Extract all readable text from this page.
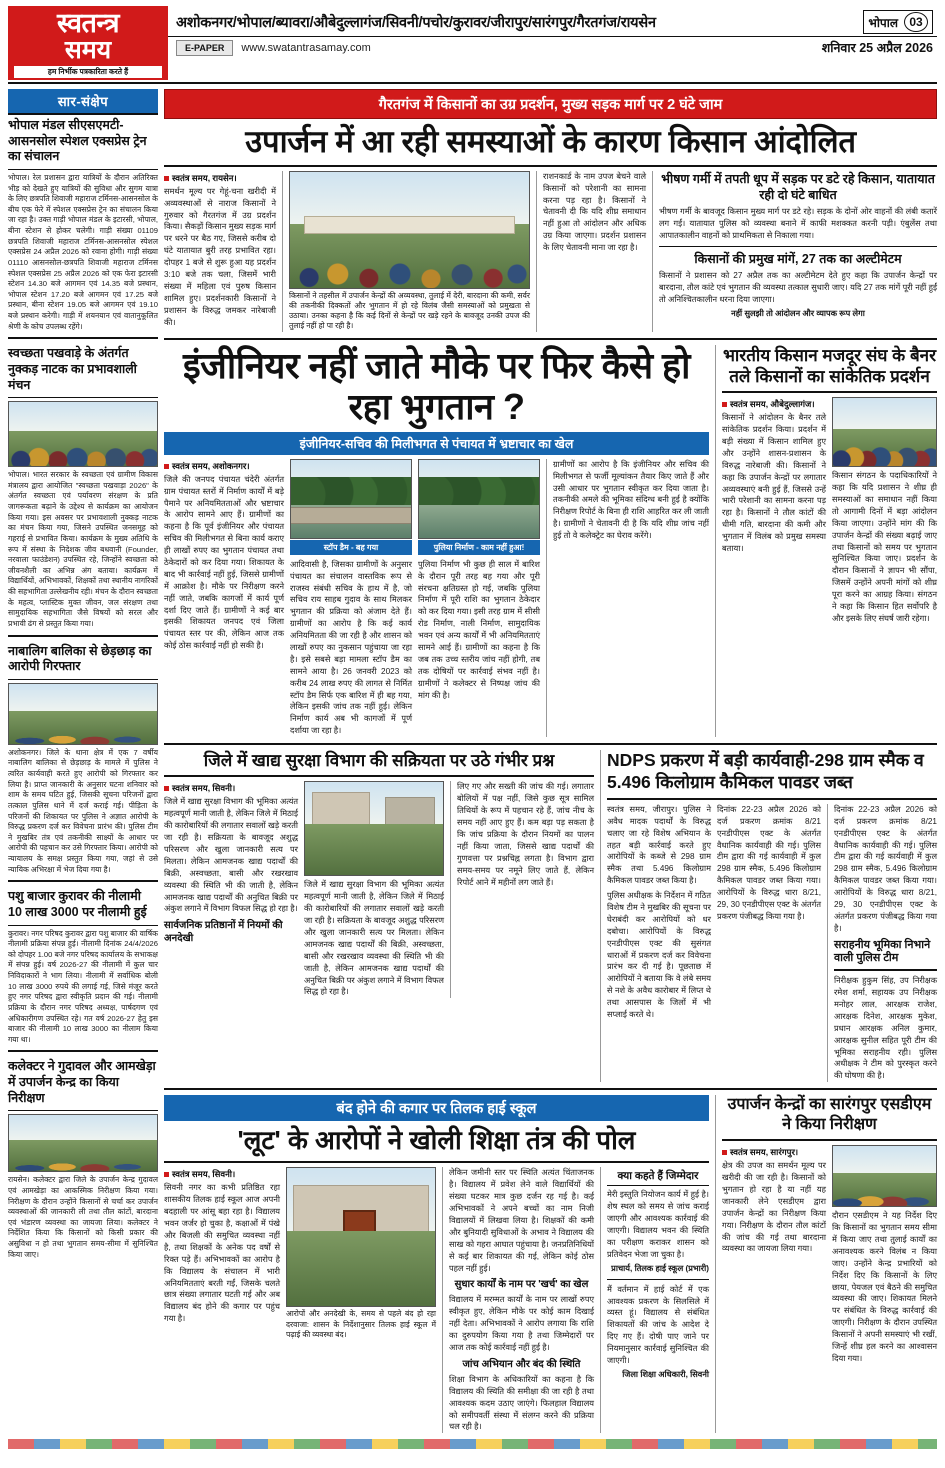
स्वतन्त्र
समय
हम निर्भीक पत्रकारिता करते हैं
अशोकनगर/भोपाल/ब्यावरा/औबेदुल्लागंज/सिवनी/पचोर/कुरावर/जीरापुर/सारंगपुर/गैरतगंज/रायसेन	भोपाल 03
E-PAPER	www.swatantrasamay.com	शनिवार 25 अप्रैल 2026
सार-संक्षेप
भोपाल मंडल सीएसएमटी-आसनसोल स्पेशल एक्सप्रेस ट्रेन का संचालन
भोपाल। रेल प्रशासन द्वारा यात्रियों के दौरान अतिरिक्त भीड़ को देखते हुए यात्रियों की सुविधा और सुगम यात्रा के लिए छत्रपति शिवाजी महाराज टर्मिनस-आसनसोल के बीच एक फेरे में स्पेशल एक्सप्रेस ट्रेन का संचालन किया जा रहा है। उक्त गाड़ी भोपाल मंडल के इटारसी, भोपाल, बीना स्टेशन से होकर चलेगी। गाड़ी संख्या 01109 छत्रपति शिवाजी महाराज टर्मिनस-आसनसोल स्पेशल एक्सप्रेस 24 अप्रैल 2026 को रवाना होगी। गाड़ी संख्या 01110 आसनसोल-छत्रपति शिवाजी महाराज टर्मिनस स्पेशल एक्सप्रेस 25 अप्रैल 2026 को एक फेरा इटारसी स्टेशन 14.30 बजे आगमन एवं 14.35 बजे प्रस्थान, भोपाल स्टेशन 17.20 बजे आगमन एवं 17.25 बजे प्रस्थान, बीना स्टेशन 19.05 बजे आगमन एवं 19.10 बजे प्रस्थान करेगी। गाड़ी में शयनयान एवं वातानुकूलित श्रेणी के कोच उपलब्ध रहेंगे।
स्वच्छता पखवाड़े के अंतर्गत नुक्कड़ नाटक का प्रभावशाली मंचन
भोपाल। भारत सरकार के स्वच्छता एवं ग्रामीण विकास मंत्रालय द्वारा आयोजित "स्वच्छता पखवाड़ा 2026" के अंतर्गत स्वच्छता एवं पर्यावरण संरक्षण के प्रति जागरूकता बढ़ाने के उद्देश्य से कार्यक्रम का आयोजन किया गया। इस अवसर पर प्रभावशाली नुक्कड़ नाटक का मंचन किया गया, जिसने उपस्थित जनसमूह को गहराई से प्रभावित किया। कार्यक्रम के मुख्य अतिथि के रूप में संस्था के निदेशक जीव बधवानी (Founder, नरवाला फाउंडेशन) उपस्थित रहे, जिन्होंने स्वच्छता को जीवनशैली का अभिन्न अंग बताया। कार्यक्रम में विद्यार्थियों, अभिभावकों, शिक्षकों तथा स्थानीय नागरिकों की सहभागिता उल्लेखनीय रही। मंचन के दौरान स्वच्छता के महत्व, प्लास्टिक मुक्त जीवन, जल संरक्षण तथा सामुदायिक सहभागिता जैसे विषयों को सरल और प्रभावी ढंग से प्रस्तुत किया गया।
नाबालिग बालिका से छेड़छाड़ का आरोपी गिरफ्तार
अशोकनगर। जिले के थाना क्षेत्र में एक 7 वर्षीय नाबालिग बालिका से छेड़छाड़ के मामले में पुलिस ने त्वरित कार्यवाही करते हुए आरोपी को गिरफ्तार कर लिया है। प्राप्त जानकारी के अनुसार घटना शनिवार को शाम के समय घटित हुई, जिसकी सूचना परिजनों द्वारा तत्काल पुलिस थाने में दर्ज कराई गई। पीड़िता के परिजनों की शिकायत पर पुलिस ने अज्ञात आरोपी के विरुद्ध प्रकरण दर्ज कर विवेचना प्रारंभ की। पुलिस टीम ने मुखबिर तंत्र एवं तकनीकी साक्ष्यों के आधार पर आरोपी की पहचान कर उसे गिरफ्तार किया। आरोपी को न्यायालय के समक्ष प्रस्तुत किया गया, जहां से उसे न्यायिक अभिरक्षा में भेज दिया गया है।
पशु बाजार कुरावर की नीलामी 10 लाख 3000 पर नीलामी हुई
कुरावर। नगर परिषद कुरावर द्वारा पशु बाजार की वार्षिक नीलामी प्रक्रिया संपन्न हुई। नीलामी दिनांक 24/4/2026 को दोपहर 1.00 बजे नगर परिषद कार्यालय के सभाकक्ष में संपन्न हुई। वर्ष 2026-27 की नीलामी में कुल चार निविदाकारों ने भाग लिया। नीलामी में सर्वाधिक बोली 10 लाख 3000 रुपये की लगाई गई, जिसे मंजूर करते हुए नगर परिषद द्वारा स्वीकृति प्रदान की गई। नीलामी प्रक्रिया के दौरान नगर परिषद अध्यक्ष, पार्षदगण एवं अधिकारीगण उपस्थित रहे। गत वर्ष 2026-27 हेतु इस बाजार की नीलामी 10 लाख 3000 का नीलाम किया गया था।
कलेक्टर ने गुदावल और आमखेड़ा में उपार्जन केन्द्र का किया निरीक्षण
रायसेन। कलेक्टर द्वारा जिले के उपार्जन केन्द्र गुदावल एवं आमखेड़ा का आकस्मिक निरीक्षण किया गया। निरीक्षण के दौरान उन्होंने किसानों से चर्चा कर उपार्जन व्यवस्थाओं की जानकारी ली तथा तौल कांटों, बारदाना एवं भंडारण व्यवस्था का जायजा लिया। कलेक्टर ने निर्देशित किया कि किसानों को किसी प्रकार की असुविधा न हो तथा भुगतान समय-सीमा में सुनिश्चित किया जाए।
गैरतगंज में किसानों का उग्र प्रदर्शन, मुख्य सड़क मार्ग पर 2 घंटे जाम
उपार्जन में आ रही समस्याओं के कारण किसान आंदोलित
स्वतंत्र समय, रायसेन।
समर्थन मूल्य पर गेहूं-चना खरीदी में अव्यवस्थाओं से नाराज किसानों ने गुरुवार को गैरतगंज में उग्र प्रदर्शन किया। सैकड़ों किसान मुख्य सड़क मार्ग पर धरने पर बैठ गए, जिससे करीब दो घंटे यातायात बुरी तरह प्रभावित रहा। दोपहर 1 बजे से शुरू हुआ यह प्रदर्शन 3:10 बजे तक चला, जिसमें भारी संख्या में महिला एवं पुरुष किसान शामिल हुए। प्रदर्शनकारी किसानों ने प्रशासन के विरुद्ध जमकर नारेबाजी की।
किसानों ने तहसील में उपार्जन केन्द्रों की अव्यवस्था, तुलाई में देरी, बारदाना की कमी, सर्वर की तकनीकी दिक्कतों और भुगतान में हो रहे विलंब जैसी समस्याओं को प्रमुखता से उठाया। उनका कहना है कि कई दिनों से केन्द्रों पर खड़े रहने के बावजूद उनकी उपज की तुलाई नहीं हो पा रही है।
राशनकार्ड के नाम उपज बेचने वाले किसानों को परेशानी का सामना करना पड़ रहा है। किसानों ने चेतावनी दी कि यदि शीघ्र समाधान नहीं हुआ तो आंदोलन और अधिक उग्र किया जाएगा। प्रदर्शन प्रशासन के लिए चेतावनी माना जा रहा है।
भीषण गर्मी में तपती धूप में सड़क पर डटे रहे किसान, यातायात रही दो घंटे बाधित
भीषण गर्मी के बावजूद किसान मुख्य मार्ग पर डटे रहे। सड़क के दोनों ओर वाहनों की लंबी कतारें लग गईं। यातायात पुलिस को व्यवस्था बनाने में काफी मशक्कत करनी पड़ी। एंबुलेंस तथा आपातकालीन वाहनों को प्राथमिकता से निकाला गया।
किसानों की प्रमुख मांगें, 27 तक का अल्टीमेटम
किसानों ने प्रशासन को 27 अप्रैल तक का अल्टीमेटम देते हुए कहा कि उपार्जन केन्द्रों पर बारदाना, तौल कांटे एवं भुगतान की व्यवस्था तत्काल सुधारी जाए। यदि 27 तक मांगें पूरी नहीं हुईं तो अनिश्चितकालीन धरना दिया जाएगा।
नहीं सुलझी तो आंदोलन और व्यापक रूप लेगा
इंजीनियर नहीं जाते मौके पर फिर कैसे हो रहा भुगतान ?
इंजीनियर-सचिव की मिलीभगत से पंचायत में भ्रष्टाचार का खेल
स्वतंत्र समय, अशोकनगर।
जिले की जनपद पंचायत चंदेरी अंतर्गत ग्राम पंचायत स्तरों में निर्माण कार्यों में बड़े पैमाने पर अनियमितताओं और भ्रष्टाचार के आरोप सामने आए हैं। ग्रामीणों का कहना है कि पूर्व इंजीनियर और पंचायत सचिव की मिलीभगत से बिना कार्य कराए ही लाखों रुपए का भुगतान पंचायत तथा ठेकेदारों को कर दिया गया। शिकायत के बाद भी कार्रवाई नहीं हुई, जिससे ग्रामीणों में आक्रोश है। मौके पर निरीक्षण करने नहीं जाते, जबकि कागजों में कार्य पूर्ण दर्शा दिए जाते हैं। ग्रामीणों ने कई बार इसकी शिकायत जनपद एवं जिला पंचायत स्तर पर की, लेकिन आज तक कोई ठोस कार्रवाई नहीं हो सकी है।
स्टॉप डैम - बह गया	पुलिया निर्माण - काम नहीं हुआ!
आदिवासी है, जिसका ग्रामीणों के अनुसार पंचायत का संचालन वास्तविक रूप से राजस्व संबंधी सचिव के हाथ में है, जो सचिव राय साहब गुदाव के साथ मिलकर भुगतान की प्रक्रिया को अंजाम देते हैं। ग्रामीणों का आरोप है कि कई कार्य अनियमितता की जा रही है और शासन को लाखों रुपए का नुकसान पहुंचाया जा रहा है। इसे सबसे बड़ा मामला स्टॉप डैम का सामने आया है। 26 जनवरी 2023 को करीब 24 लाख रुपए की लागत से निर्मित स्टॉप डैम सिर्फ एक बारिश में ही बह गया, लेकिन इसकी जांच तक नहीं हुई। लेकिन निर्माण कार्य अब भी कागजों में पूर्ण दर्शाया जा रहा है।
पुलिया निर्माण भी कुछ ही साल में बारिश के दौरान पूरी तरह बह गया और पूरी संरचना क्षतिग्रस्त हो गई, जबकि पुलिया निर्माण में पूरी राशि का भुगतान ठेकेदार को कर दिया गया। इसी तरह ग्राम में सीसी रोड निर्माण, नाली निर्माण, सामुदायिक भवन एवं अन्य कार्यों में भी अनियमितताएं सामने आई हैं। ग्रामीणों का कहना है कि जब तक उच्च स्तरीय जांच नहीं होगी, तब तक दोषियों पर कार्रवाई संभव नहीं है। ग्रामीणों ने कलेक्टर से निष्पक्ष जांच की मांग की है।
ग्रामीणों का आरोप है कि इंजीनियर और सचिव की मिलीभगत से फर्जी मूल्यांकन तैयार किए जाते हैं और उसी आधार पर भुगतान स्वीकृत कर दिया जाता है। तकनीकी अमले की भूमिका संदिग्ध बनी हुई है क्योंकि निरीक्षण रिपोर्ट के बिना ही राशि आहरित कर ली जाती है। ग्रामीणों ने चेतावनी दी है कि यदि शीघ्र जांच नहीं हुई तो वे कलेक्ट्रेट का घेराव करेंगे।
भारतीय किसान मजदूर संघ के बैनर तले किसानों का सांकेतिक प्रदर्शन
स्वतंत्र समय, औबेदुल्लागंज।
किसानों ने आंदोलन के बैनर तले सांकेतिक प्रदर्शन किया। प्रदर्शन में बड़ी संख्या में किसान शामिल हुए और उन्होंने शासन-प्रशासन के विरुद्ध नारेबाजी की। किसानों ने कहा कि उपार्जन केन्द्रों पर लगातार अव्यवस्थाएं बनी हुई हैं, जिससे उन्हें भारी परेशानी का सामना करना पड़ रहा है। किसानों ने तौल कांटों की धीमी गति, बारदाना की कमी और भुगतान में विलंब को प्रमुख समस्या बताया।
किसान संगठन के पदाधिकारियों ने कहा कि यदि प्रशासन ने शीघ्र ही समस्याओं का समाधान नहीं किया तो आगामी दिनों में बड़ा आंदोलन किया जाएगा। उन्होंने मांग की कि उपार्जन केन्द्रों की संख्या बढ़ाई जाए तथा किसानों को समय पर भुगतान सुनिश्चित किया जाए। प्रदर्शन के दौरान किसानों ने ज्ञापन भी सौंपा, जिसमें उन्होंने अपनी मांगों को शीघ्र पूरा करने का आग्रह किया। संगठन ने कहा कि किसान हित सर्वोपरि है और इसके लिए संघर्ष जारी रहेगा।
जिले में खाद्य सुरक्षा विभाग की सक्रियता पर उठे गंभीर प्रश्न
स्वतंत्र समय, सिवनी।
जिले में खाद्य सुरक्षा विभाग की भूमिका अत्यंत महत्वपूर्ण मानी जाती है, लेकिन जिले में मिठाई की कारोबारियों की लगातार सवालों खड़े करती जा रही है। सक्रियता के बावजूद अशुद्ध परिसरण और खुला जानकारी सत्य पर मिलता। लेकिन आमजनक खाद्य पदार्थों की बिक्री, अस्वच्छता, बासी और रखरखाव व्यवस्था की स्थिति भी की जाती है, लेकिन आमजनक खाद्य पदार्थों की अनुचित बिक्री पर अंकुश लगाने में विभाग विफल सिद्ध हो रहा है।
सार्वजनिक प्रतिष्ठानों में नियमों की अनदेखी
जिले में खाद्य सुरक्षा विभाग की भूमिका अत्यंत महत्वपूर्ण मानी जाती है, लेकिन जिले में मिठाई की कारोबारियों की लगातार सवालों खड़े करती जा रही है। सक्रियता के बावजूद अशुद्ध परिसरण और खुला जानकारी सत्य पर मिलता। लेकिन आमजनक खाद्य पदार्थों की बिक्री, अस्वच्छता, बासी और रखरखाव व्यवस्था की स्थिति भी की जाती है, लेकिन आमजनक खाद्य पदार्थों की अनुचित बिक्री पर अंकुश लगाने में विभाग विफल सिद्ध हो रहा है।
लिए गए और सख्ती की जांच की गई। लगातार बोलियों में पक्ष नहीं, जिसे कुछ सूत्र सामिल तिथियों के रूप में पहचान रहे हैं, जांच नीच के समय नहीं आए हुए हैं। कम बड़ा पड़ सकता है कि जांच प्रक्रिया के दौरान नियमों का पालन नहीं किया जाता, जिससे खाद्य पदार्थों की गुणवत्ता पर प्रश्नचिह्न लगता है। विभाग द्वारा समय-समय पर नमूने लिए जाते हैं, लेकिन रिपोर्ट आने में महीनों लग जाते हैं।
NDPS प्रकरण में बड़ी कार्यवाही-298 ग्राम स्मैक व 5.496 किलोग्राम कैमिकल पावडर जब्त
स्वतंत्र समय, जीरापुर। पुलिस ने अवैध मादक पदार्थों के विरुद्ध चलाए जा रहे विशेष अभियान के तहत बड़ी कार्रवाई करते हुए आरोपियों के कब्जे से 298 ग्राम स्मैक तथा 5.496 किलोग्राम कैमिकल पावडर जब्त किया है।
पुलिस अधीक्षक के निर्देशन में गठित विशेष टीम ने मुखबिर की सूचना पर घेराबंदी कर आरोपियों को धर दबोचा। आरोपियों के विरुद्ध एनडीपीएस एक्ट की सुसंगत धाराओं में प्रकरण दर्ज कर विवेचना प्रारंभ कर दी गई है। पूछताछ में आरोपियों ने बताया कि वे लंबे समय से नशे के अवैध कारोबार में लिप्त थे तथा आसपास के जिलों में भी सप्लाई करते थे।
दिनांक 22-23 अप्रैल 2026 को दर्ज प्रकरण क्रमांक 8/21 एनडीपीएस एक्ट के अंतर्गत वैधानिक कार्यवाही की गई। पुलिस टीम द्वारा की गई कार्यवाही में कुल 298 ग्राम स्मैक, 5.496 किलोग्राम कैमिकल पावडर जब्त किया गया। आरोपियों के विरुद्ध धारा 8/21, 29, 30 एनडीपीएस एक्ट के अंतर्गत प्रकरण पंजीबद्ध किया गया है।
दिनांक 22-23 अप्रैल 2026 को दर्ज प्रकरण क्रमांक 8/21 एनडीपीएस एक्ट के अंतर्गत वैधानिक कार्यवाही की गई। पुलिस टीम द्वारा की गई कार्यवाही में कुल 298 ग्राम स्मैक, 5.496 किलोग्राम कैमिकल पावडर जब्त किया गया। आरोपियों के विरुद्ध धारा 8/21, 29, 30 एनडीपीएस एक्ट के अंतर्गत प्रकरण पंजीबद्ध किया गया है।
सराहनीय भूमिका निभाने वाली पुलिस टीम
निरीक्षक हुकुम सिंह, उप निरीक्षक रमेश शर्मा, सहायक उप निरीक्षक मनोहर लाल, आरक्षक राजेश, आरक्षक दिनेश, आरक्षक मुकेश, प्रधान आरक्षक अनिल कुमार, आरक्षक सुनील सहित पूरी टीम की भूमिका सराहनीय रही। पुलिस अधीक्षक ने टीम को पुरस्कृत करने की घोषणा की है।
बंद होने की कगार पर तिलक हाई स्कूल
'लूट' के आरोपों ने खोली शिक्षा तंत्र की पोल
स्वतंत्र समय, सिवनी।
सिवनी नगर का कभी प्रतिष्ठित रहा शासकीय तिलक हाई स्कूल आज अपनी बदहाली पर आंसू बहा रहा है। विद्यालय भवन जर्जर हो चुका है, कक्षाओं में पंखे और बिजली की समुचित व्यवस्था नहीं है, तथा शिक्षकों के अनेक पद वर्षों से रिक्त पड़े हैं। अभिभावकों का आरोप है कि विद्यालय के संचालन में भारी अनियमितताएं बरती गईं, जिसके चलते छात्र संख्या लगातार घटती गई और अब विद्यालय बंद होने की कगार पर पहुंच गया है।
आरोपों और अनदेखी के, समय से पहले बंद हो रहा दरवाजा: शासन के निर्देशानुसार तिलक हाई स्कूल में पढ़ाई की व्यवस्था बंद।
लेकिन जमीनी स्तर पर स्थिति अत्यंत चिंताजनक है। विद्यालय में प्रवेश लेने वाले विद्यार्थियों की संख्या घटकर मात्र कुछ दर्जन रह गई है। कई अभिभावकों ने अपने बच्चों का नाम निजी विद्यालयों में लिखवा लिया है। शिक्षकों की कमी और बुनियादी सुविधाओं के अभाव ने विद्यालय की साख को गहरा आघात पहुंचाया है। जनप्रतिनिधियों से कई बार शिकायत की गई, लेकिन कोई ठोस पहल नहीं हुई।
सुधार कार्यों के नाम पर 'खर्च' का खेल
विद्यालय में मरम्मत कार्यों के नाम पर लाखों रुपए स्वीकृत हुए, लेकिन मौके पर कोई काम दिखाई नहीं देता। अभिभावकों ने आरोप लगाया कि राशि का दुरुपयोग किया गया है तथा जिम्मेदारों पर आज तक कोई कार्रवाई नहीं हुई है।
जांच अभियान और बंद की स्थिति
शिक्षा विभाग के अधिकारियों का कहना है कि विद्यालय की स्थिति की समीक्षा की जा रही है तथा आवश्यक कदम उठाए जाएंगे। फिलहाल विद्यालय को समीपवर्ती संस्था में संलग्न करने की प्रक्रिया चल रही है।
क्या कहते हैं जिम्मेदार
मेरी इस्तुति नियोजन कार्य में हुई है। शेष स्थल को समय से जांच कराई जाएगी और आवश्यक कार्रवाई की जाएगी। विद्यालय भवन की स्थिति का परीक्षण कराकर शासन को प्रतिवेदन भेजा जा चुका है।
प्राचार्य, तिलक हाई स्कूल (प्रभारी)
मैं वर्तमान में हाई कोर्ट में एक आवश्यक प्रकरण के सिलसिले में व्यस्त हूं। विद्यालय से संबंधित शिकायतों की जांच के आदेश दे दिए गए हैं। दोषी पाए जाने पर नियमानुसार कार्रवाई सुनिश्चित की जाएगी।
जिला शिक्षा अधिकारी, सिवनी
उपार्जन केन्द्रों का सारंगपुर एसडीएम ने किया निरीक्षण
स्वतंत्र समय, सारंगपुर।
क्षेत्र की उपज का समर्थन मूल्य पर खरीदी की जा रही है। किसानों को भुगतान हो रहा है या नहीं यह जानकारी लेने एसडीएम द्वारा उपार्जन केन्द्रों का निरीक्षण किया गया। निरीक्षण के दौरान तौल कांटों की जांच की गई तथा बारदाना व्यवस्था का जायजा लिया गया।
दौरान एसडीएम ने यह निर्देश दिए कि किसानों का भुगतान समय सीमा में किया जाए तथा तुलाई कार्यों का अनावश्यक करने विलंब न किया जाए। उन्होंने केन्द्र प्रभारियों को निर्देश दिए कि किसानों के लिए छाया, पेयजल एवं बैठने की समुचित व्यवस्था की जाए। शिकायत मिलने पर संबंधित के विरुद्ध कार्रवाई की जाएगी। निरीक्षण के दौरान उपस्थित किसानों ने अपनी समस्याएं भी रखीं, जिन्हें शीघ्र हल करने का आश्वासन दिया गया।
